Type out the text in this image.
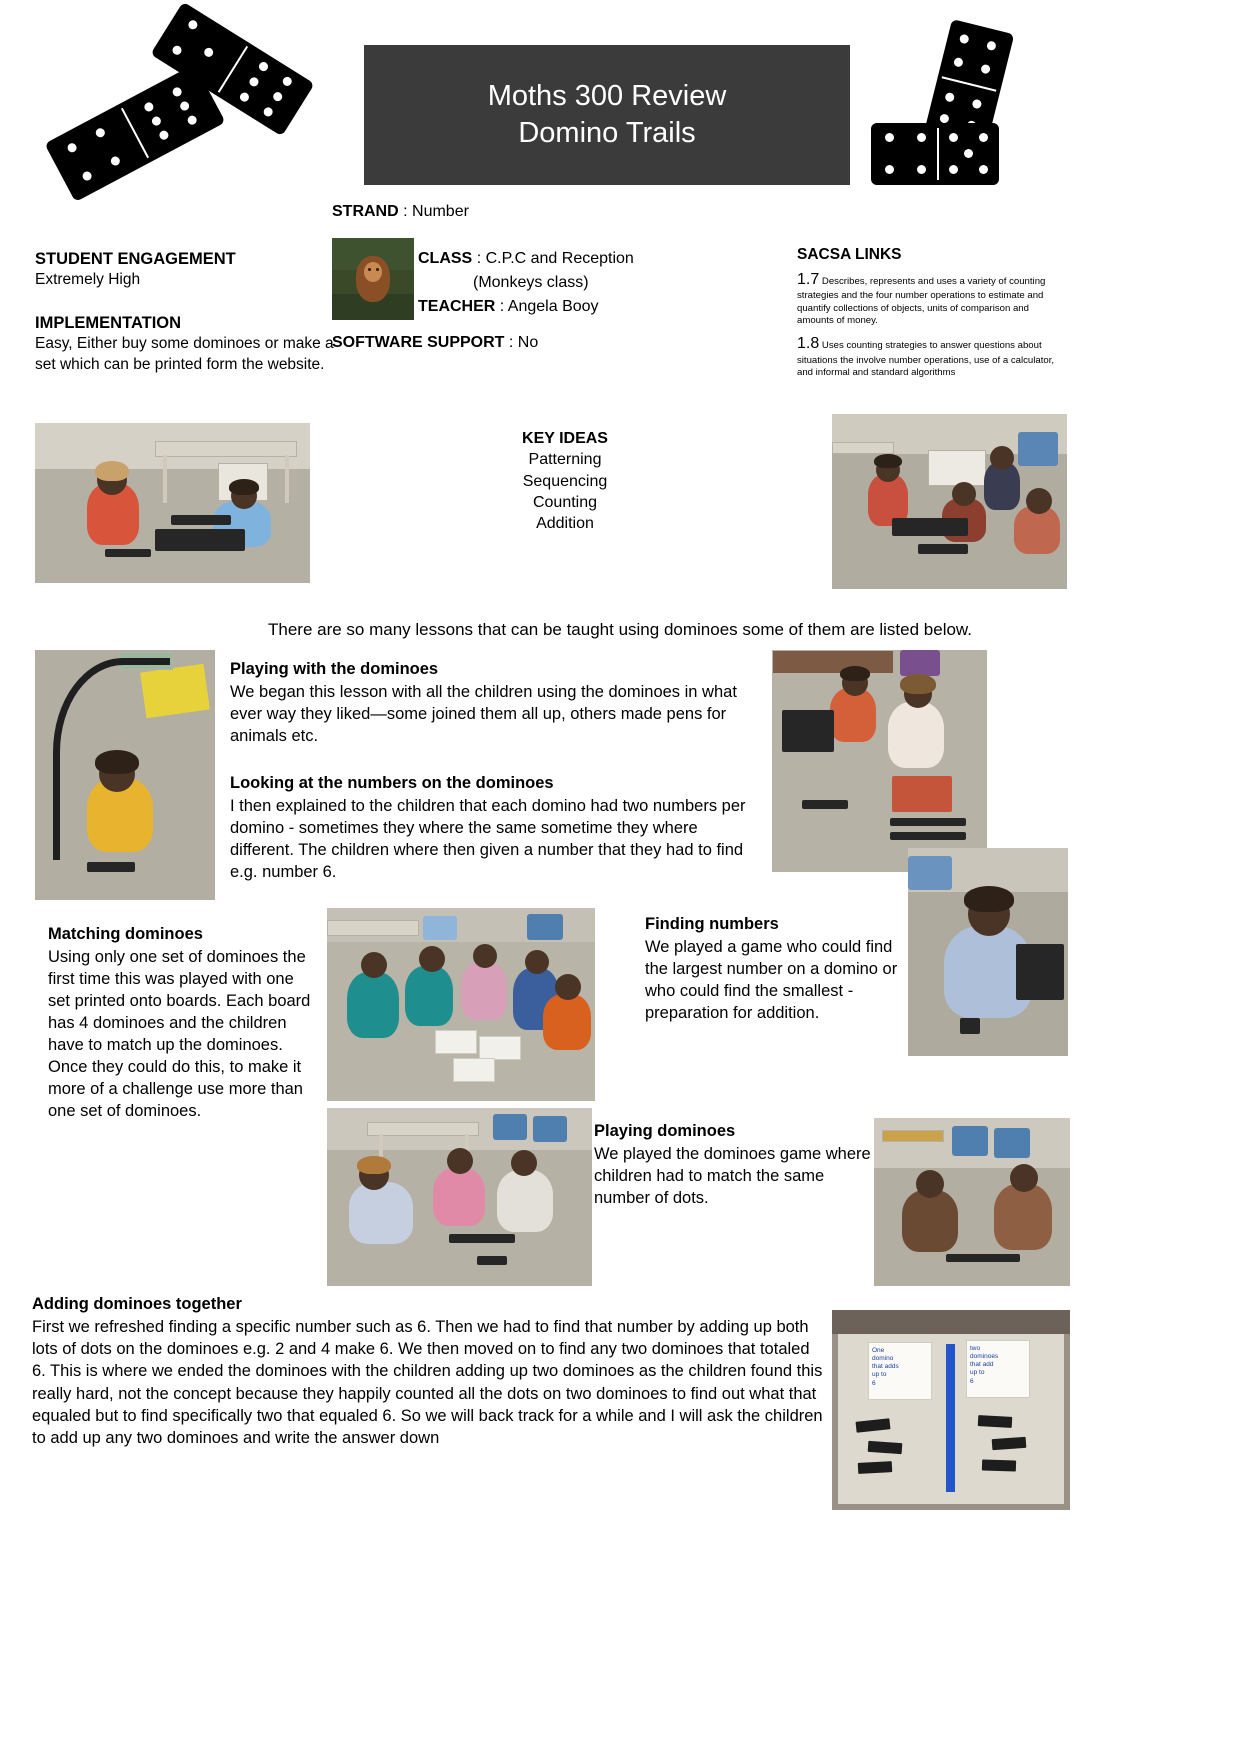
Moths 300 Review
Domino Trails
STRAND : Number
CLASS : C.P.C and Reception
(Monkeys class)
TEACHER : Angela Booy
SOFTWARE SUPPORT : No
STUDENT ENGAGEMENT
Extremely High
IMPLEMENTATION
Easy, Either buy some dominoes or make a set which can be printed form the website.
SACSA LINKS
1.7 Describes, represents and uses a variety of counting strategies and the four number operations to estimate and quantify collections of objects, units of comparison and amounts of money.
1.8 Uses counting strategies to answer questions about situations the involve number operations, use of a calculator, and informal and standard algorithms
KEY IDEAS
Patterning
Sequencing
Counting
Addition
There are so many lessons that can be taught using dominoes some of them are listed below.

Playing with the dominoes

We began this lesson with all the children using the dominoes in what ever way they liked—some joined them all up, others made pens for animals etc.

Looking at the numbers on the dominoes

I then explained to the children that each domino had two numbers per domino - sometimes they where the same sometime they where different. The children where then given a number that they had to find e.g. number 6.

Matching dominoes

Using only one set of dominoes the first time this was played with one set printed onto boards. Each board has 4 dominoes and the children have to match up the dominoes. Once they could do this, to make it more of a challenge use more than one set of dominoes.

Finding numbers

We played a game who could find the largest number on a domino or who could find the smallest - preparation for addition.

Playing dominoes

We played the dominoes game where children had to match the same number of dots.

Adding dominoes together

First we refreshed finding a specific number such as 6. Then we had to find that number by adding up both lots of dots on the dominoes e.g. 2 and 4 make 6. We then moved on to find any two dominoes that totaled 6. This is where we ended the dominoes with the children adding up two dominoes as the children found this really hard, not the concept because they happily counted all the dots on two dominoes to find out what that equaled but to find specifically two that equaled 6. So we will back track for a while and I will ask the children to add up any two dominoes and write the answer down

One
domino
that adds
up to
6
two
dominoes
that add
up to
6
